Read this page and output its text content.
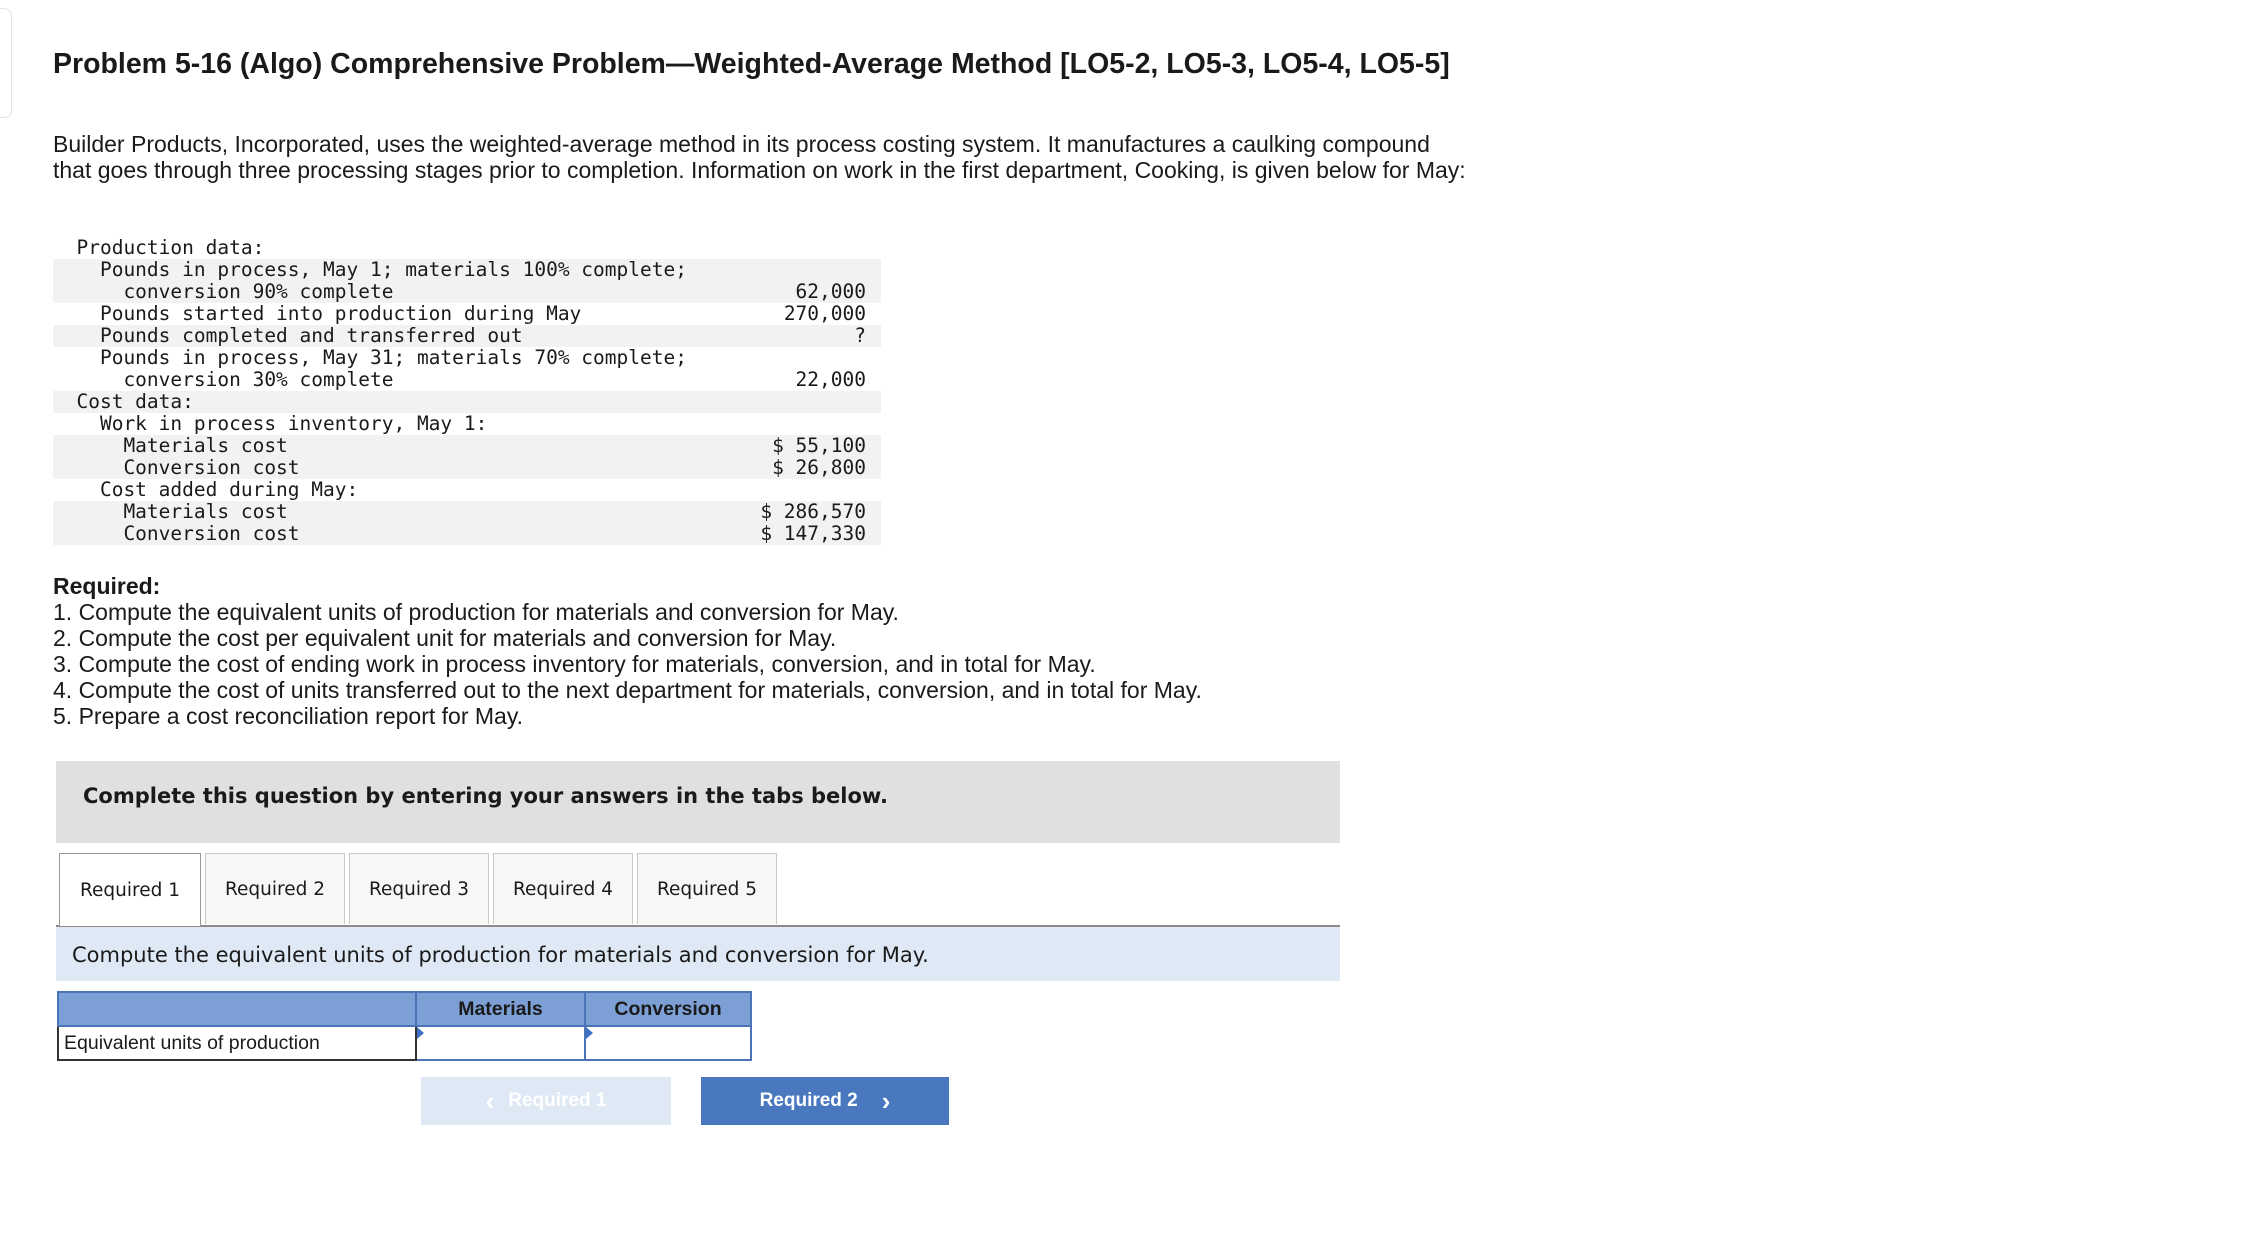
Problem 5-16 (Algo) Comprehensive Problem—Weighted-Average Method [LO5-2, LO5-3, LO5-4, LO5-5]

Builder Products, Incorporated, uses the weighted-average method in its process costing system. It manufactures a caulking compound that goes through three processing stages prior to completion. Information on work in the first department, Cooking, is given below for May:

Production data:	
Pounds in process, May 1; materials 100% complete;	
conversion 90% complete	62,000
Pounds started into production during May	270,000
Pounds completed and transferred out	?
Pounds in process, May 31; materials 70% complete;	
conversion 30% complete	22,000
Cost data:	
Work in process inventory, May 1:	
Materials cost	$ 55,100
Conversion cost	$ 26,800
Cost added during May:	
Materials cost	$ 286,570
Conversion cost	$ 147,330
Required:
1. Compute the equivalent units of production for materials and conversion for May.
2. Compute the cost per equivalent unit for materials and conversion for May.
3. Compute the cost of ending work in process inventory for materials, conversion, and in total for May.
4. Compute the cost of units transferred out to the next department for materials, conversion, and in total for May.
5. Prepare a cost reconciliation report for May.
Complete this question by entering your answers in the tabs below.
Required 1	Required 2	Required 3	Required 4	Required 5
Compute the equivalent units of production for materials and conversion for May.
	Materials	Conversion
Equivalent units of production	

‹ Required 1	Required 2 ›
